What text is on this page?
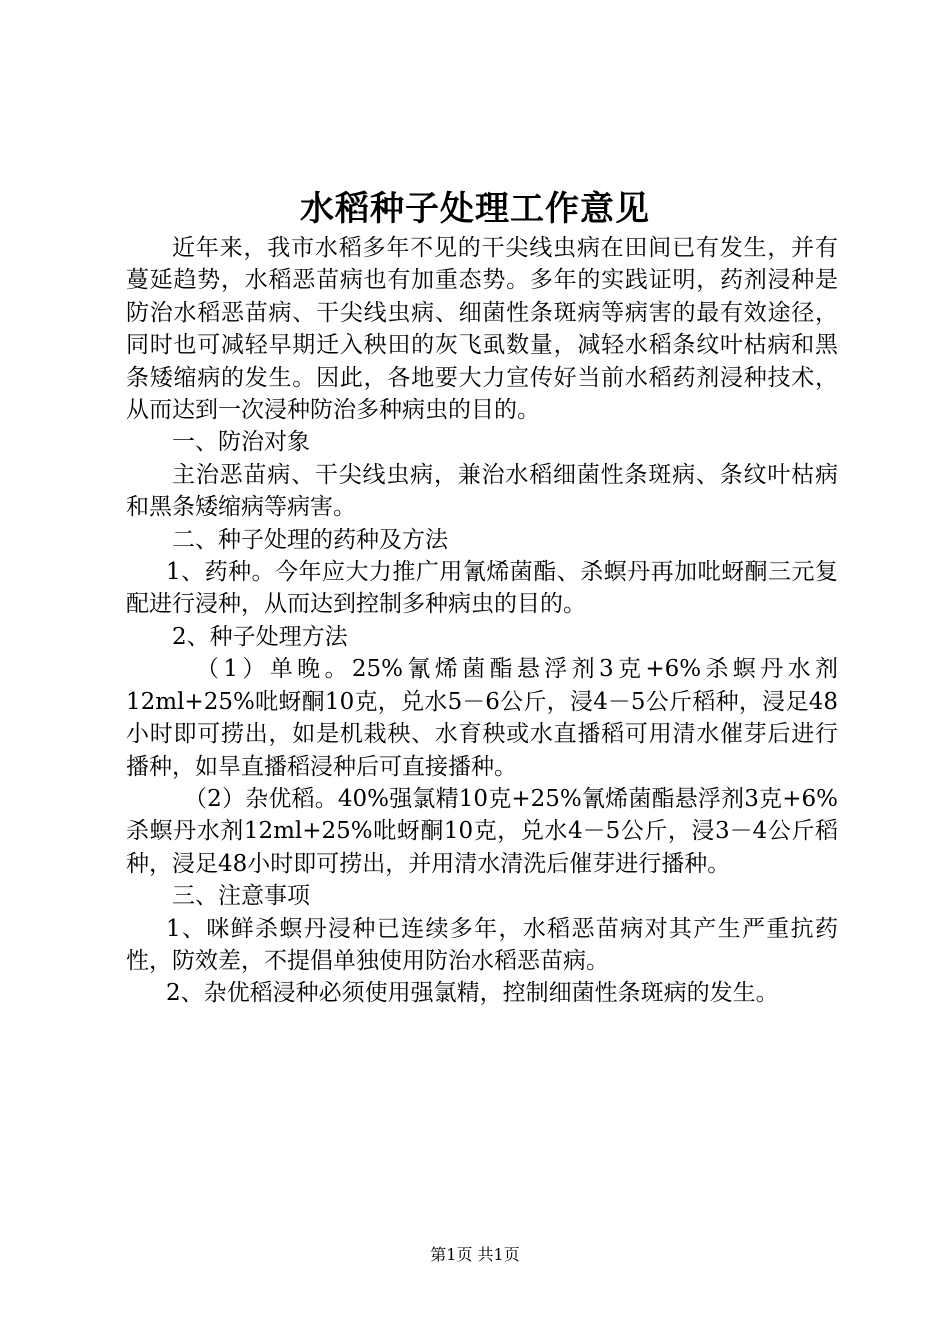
水稻种子处理工作意见

近年来，我市水稻多年不见的干尖线虫病在田间已有发生，并有蔓延趋势，水稻恶苗病也有加重态势。多年的实践证明，药剂浸种是防治水稻恶苗病、干尖线虫病、细菌性条斑病等病害的最有效途径，同时也可减轻早期迁入秧田的灰飞虱数量，减轻水稻条纹叶枯病和黑条矮缩病的发生。因此，各地要大力宣传好当前水稻药剂浸种技术，从而达到一次浸种防治多种病虫的目的。

一、防治对象

主治恶苗病、干尖线虫病，兼治水稻细菌性条斑病、条纹叶枯病和黑条矮缩病等病害。

二、种子处理的药种及方法

1、药种。今年应大力推广用氰烯菌酯、杀螟丹再加吡蚜酮三元复配进行浸种，从而达到控制多种病虫的目的。

2、种子处理方法

（1）单晚。25%氰烯菌酯悬浮剂3克+6%杀螟丹水剂12ml+25%吡蚜酮10克，兑水5－6公斤，浸4－5公斤稻种，浸足48小时即可捞出，如是机栽秧、水育秧或水直播稻可用清水催芽后进行播种，如旱直播稻浸种后可直接播种。

（2）杂优稻。40%强氯精10克+25%氰烯菌酯悬浮剂3克+6%杀螟丹水剂12ml+25%吡蚜酮10克，兑水4－5公斤，浸3－4公斤稻种，浸足48小时即可捞出，并用清水清洗后催芽进行播种。

三、注意事项

1、咪鲜杀螟丹浸种已连续多年，水稻恶苗病对其产生严重抗药性，防效差，不提倡单独使用防治水稻恶苗病。

2、杂优稻浸种必须使用强氯精，控制细菌性条斑病的发生。

第1页 共1页
